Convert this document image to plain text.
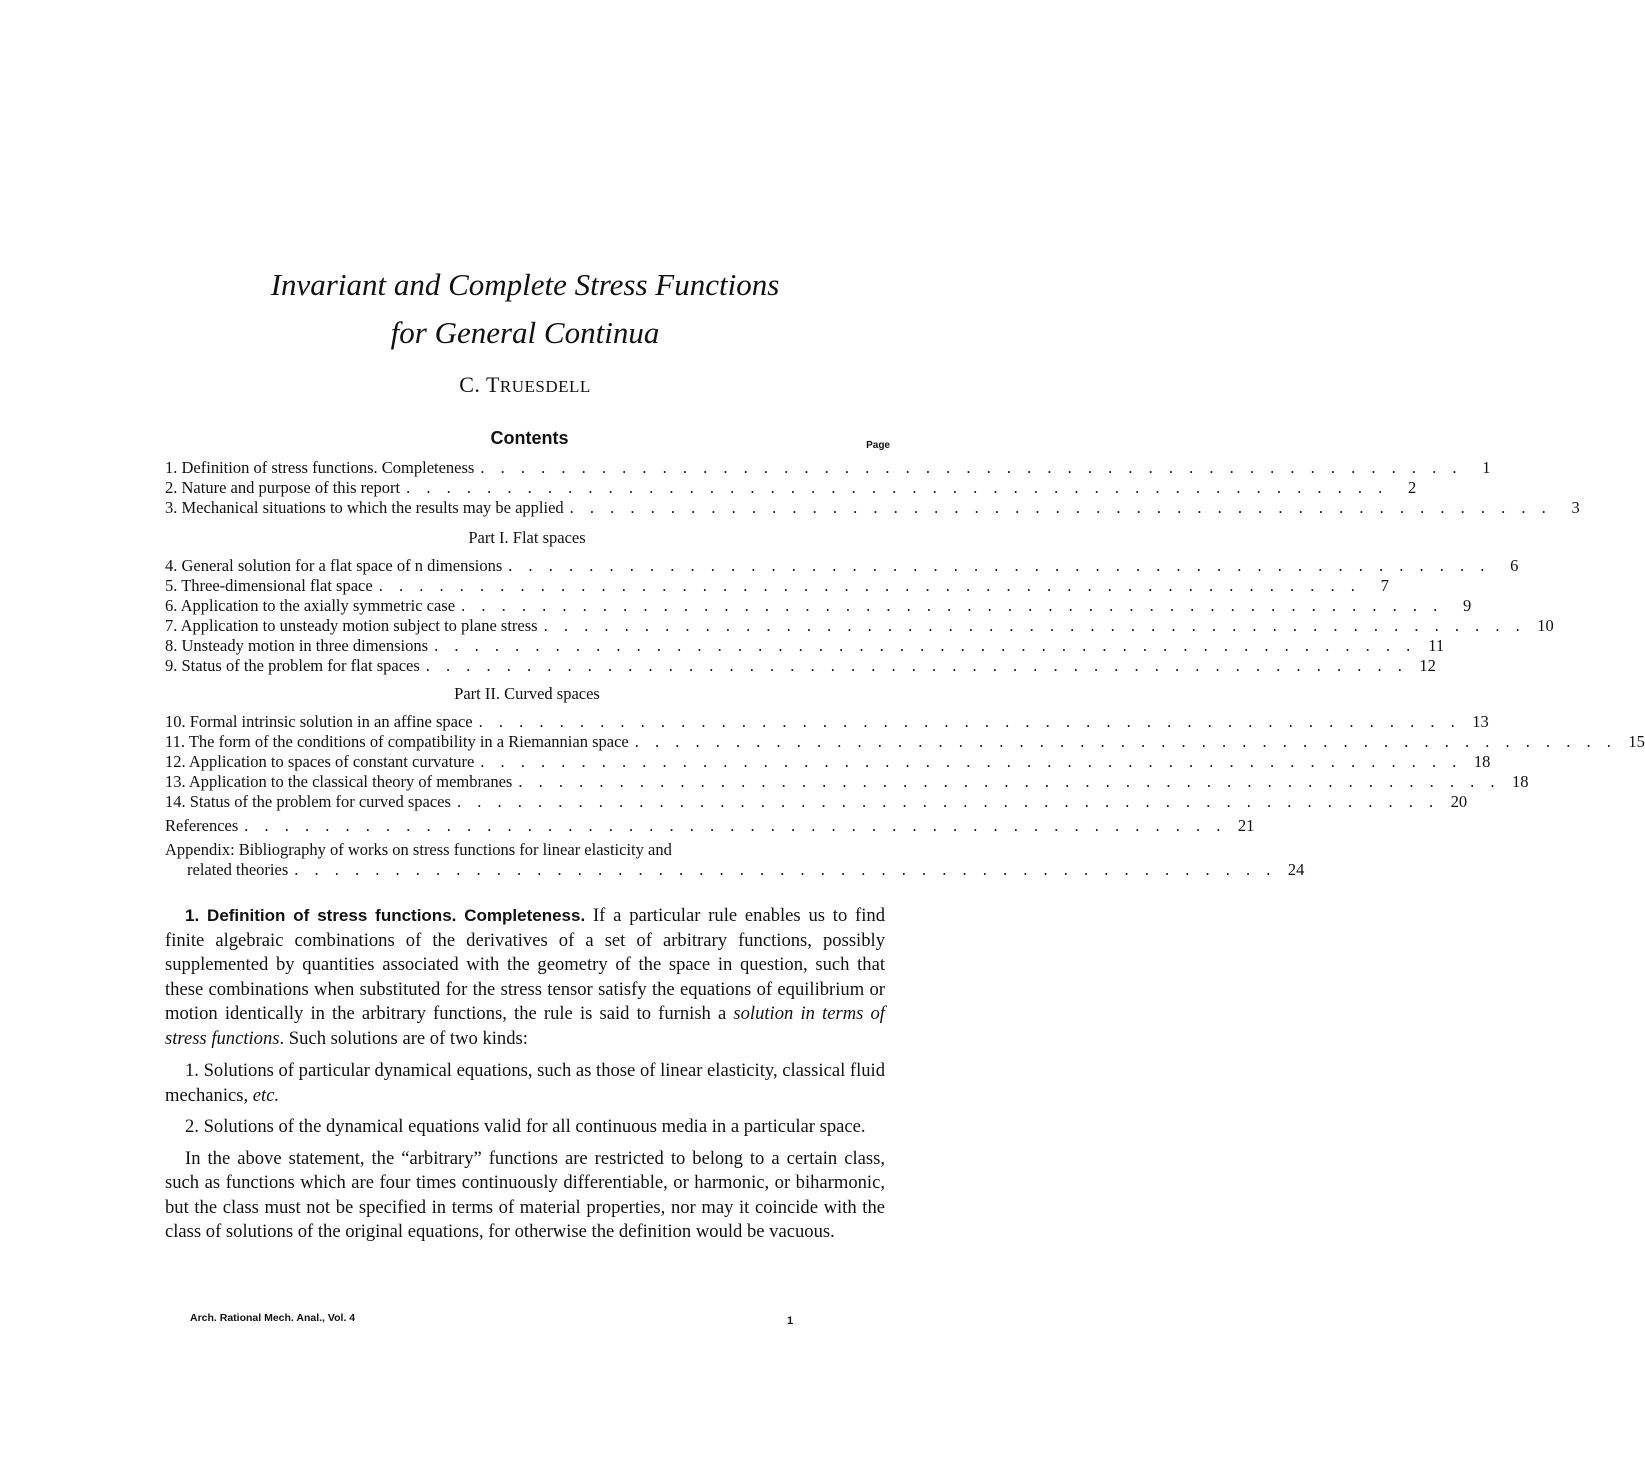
Invariant and Complete Stress Functions
for General Continua
C. TRUESDELL
Contents	Page
1. Definition of stress functions. Completeness . . . . . . . . . . . . . . . . . . . . . . . . . . . . . . . . . . . . . . . . . . . . . . . . .	1
2. Nature and purpose of this report . . . . . . . . . . . . . . . . . . . . . . . . . . . . . . . . . . . . . . . . . . . . . . . . .	2
3. Mechanical situations to which the results may be applied . . . . . . . . . . . . . . . . . . . . . . . . . . . . . . . . . . . . . . . . . . . . . . . . .	3
Part I. Flat spaces
4. General solution for a flat space of n dimensions . . . . . . . . . . . . . . . . . . . . . . . . . . . . . . . . . . . . . . . . . . . . . . . . .	6
5. Three-dimensional flat space . . . . . . . . . . . . . . . . . . . . . . . . . . . . . . . . . . . . . . . . . . . . . . . . .	7
6. Application to the axially symmetric case . . . . . . . . . . . . . . . . . . . . . . . . . . . . . . . . . . . . . . . . . . . . . . . . .	9
7. Application to unsteady motion subject to plane stress . . . . . . . . . . . . . . . . . . . . . . . . . . . . . . . . . . . . . . . . . . . . . . . . . 10
8. Unsteady motion in three dimensions . . . . . . . . . . . . . . . . . . . . . . . . . . . . . . . . . . . . . . . . . . . . . . . . . 11
9. Status of the problem for flat spaces . . . . . . . . . . . . . . . . . . . . . . . . . . . . . . . . . . . . . . . . . . . . . . . . . 12
Part II. Curved spaces
10. Formal intrinsic solution in an affine space . . . . . . . . . . . . . . . . . . . . . . . . . . . . . . . . . . . . . . . . . . . . . . . . . 13
11. The form of the conditions of compatibility in a Riemannian space . . . . . . . . . . . . . . . . . . . . . . . . . . . . . . . . . . . . . . . . . . . . . . . . . 15
12. Application to spaces of constant curvature . . . . . . . . . . . . . . . . . . . . . . . . . . . . . . . . . . . . . . . . . . . . . . . . . 18
13. Application to the classical theory of membranes . . . . . . . . . . . . . . . . . . . . . . . . . . . . . . . . . . . . . . . . . . . . . . . . . 18
14. Status of the problem for curved spaces . . . . . . . . . . . . . . . . . . . . . . . . . . . . . . . . . . . . . . . . . . . . . . . . . 20
References . . . . . . . . . . . . . . . . . . . . . . . . . . . . . . . . . . . . . . . . . . . . . . . . . 21
Appendix: Bibliography of works on stress functions for linear elasticity and
related theories . . . . . . . . . . . . . . . . . . . . . . . . . . . . . . . . . . . . . . . . . . . . . . . . . 24

1. Definition of stress functions. Completeness. If a particular rule enables us to find finite algebraic combinations of the derivatives of a set of arbitrary functions, possibly supplemented by quantities associated with the geometry of the space in question, such that these combinations when substituted for the stress tensor satisfy the equations of equilibrium or motion identically in the arbitrary functions, the rule is said to furnish a solution in terms of stress functions. Such solutions are of two kinds:

1. Solutions of particular dynamical equations, such as those of linear elasticity, classical fluid mechanics, etc.

2. Solutions of the dynamical equations valid for all continuous media in a particular space.

In the above statement, the “arbitrary” functions are restricted to belong to a certain class, such as functions which are four times continuously differentiable, or harmonic, or biharmonic, but the class must not be specified in terms of material properties, nor may it coincide with the class of solutions of the original equations, for otherwise the definition would be vacuous.

Arch. Rational Mech. Anal., Vol. 4	1
